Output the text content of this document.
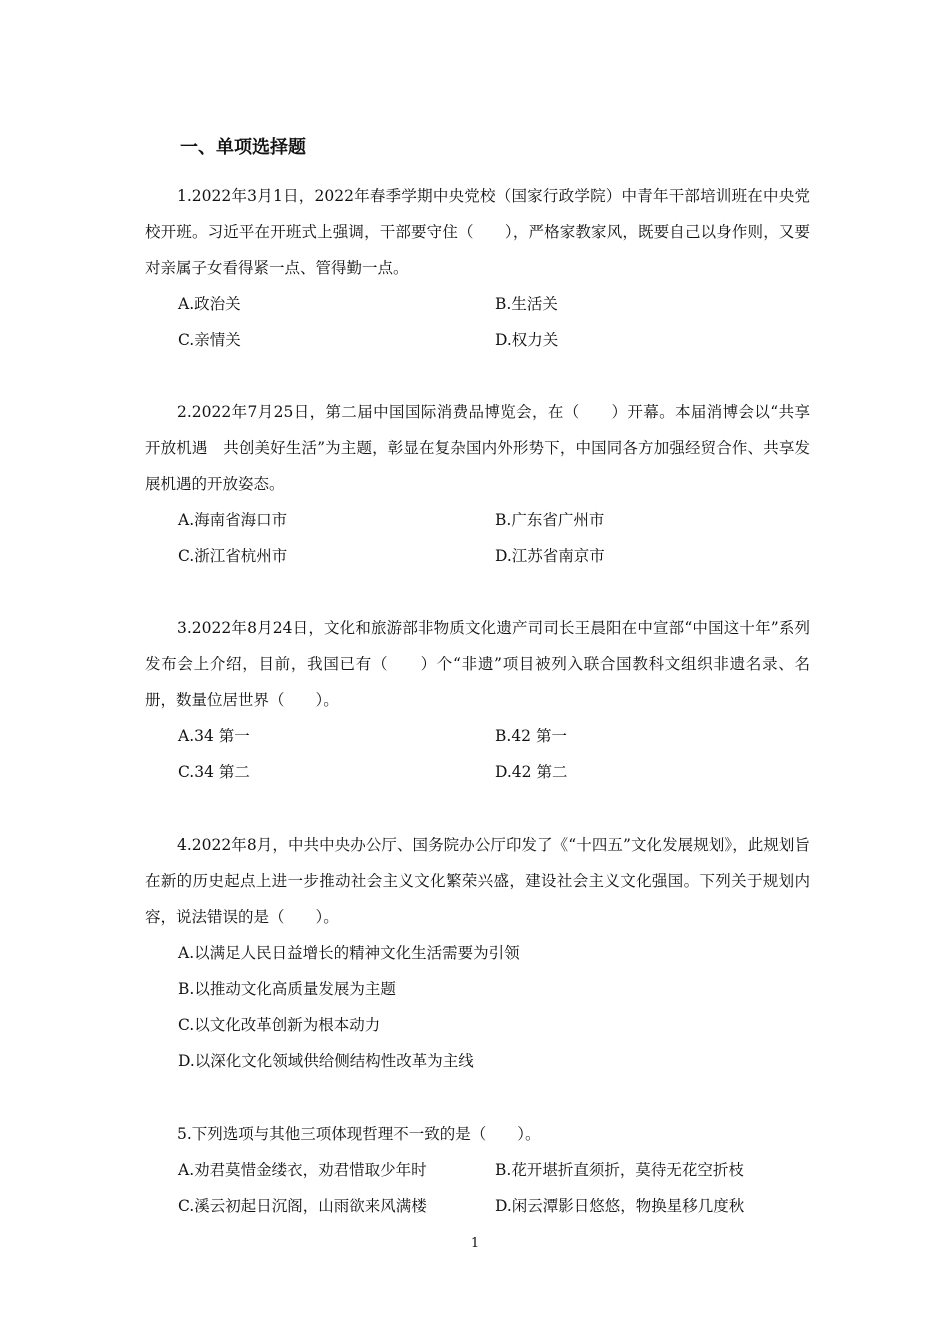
一、单项选择题
1.2022年3月1日，2022年春季学期中央党校（国家行政学院）中青年干部培训班在中央党校开班。习近平在开班式上强调，干部要守住（　　），严格家教家风，既要自己以身作则，又要对亲属子女看得紧一点、管得勤一点。
A.政治关	B.生活关
C.亲情关	D.权力关
2.2022年7月25日，第二届中国国际消费品博览会，在（　　）开幕。本届消博会以“共享开放机遇　共创美好生活”为主题，彰显在复杂国内外形势下，中国同各方加强经贸合作、共享发展机遇的开放姿态。
A.海南省海口市	B.广东省广州市
C.浙江省杭州市	D.江苏省南京市
3.2022年8月24日，文化和旅游部非物质文化遗产司司长王晨阳在中宣部“中国这十年”系列发布会上介绍，目前，我国已有（　　）个“非遗”项目被列入联合国教科文组织非遗名录、名册，数量位居世界（　　）。
A.34 第一	B.42 第一
C.34 第二	D.42 第二
4.2022年8月，中共中央办公厅、国务院办公厅印发了《“十四五”文化发展规划》，此规划旨在新的历史起点上进一步推动社会主义文化繁荣兴盛，建设社会主义文化强国。下列关于规划内容，说法错误的是（　　）。
A.以满足人民日益增长的精神文化生活需要为引领
B.以推动文化高质量发展为主题
C.以文化改革创新为根本动力
D.以深化文化领域供给侧结构性改革为主线
5.下列选项与其他三项体现哲理不一致的是（　　）。
A.劝君莫惜金缕衣，劝君惜取少年时	B.花开堪折直须折，莫待无花空折枝
C.溪云初起日沉阁，山雨欲来风满楼	D.闲云潭影日悠悠，物换星移几度秋
1
